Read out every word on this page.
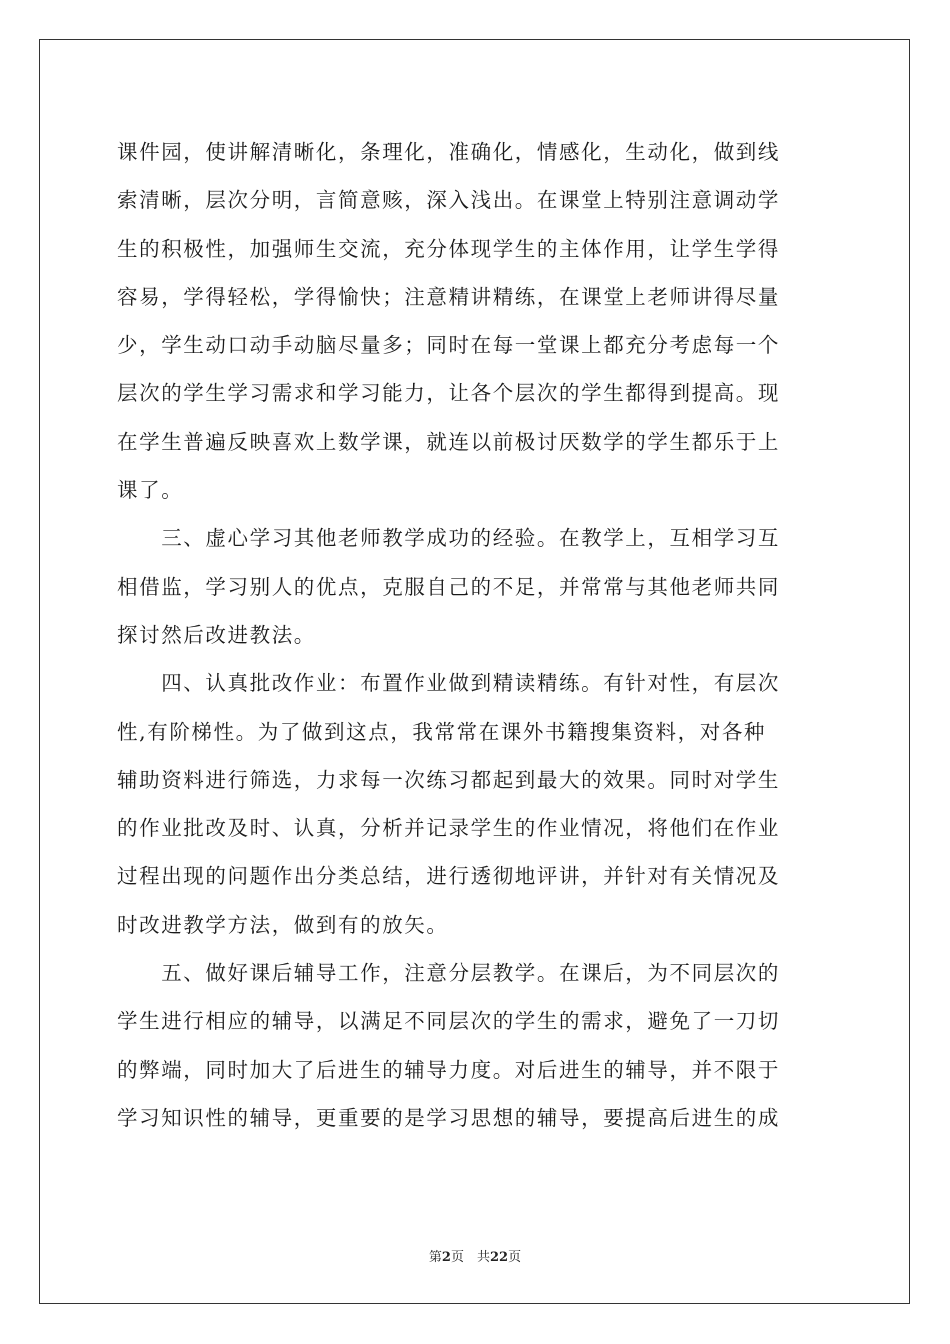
课件园，使讲解清晰化，条理化，准确化，情感化，生动化，做到线
索清晰，层次分明，言简意赅，深入浅出。在课堂上特别注意调动学
生的积极性，加强师生交流，充分体现学生的主体作用，让学生学得
容易，学得轻松，学得愉快；注意精讲精练，在课堂上老师讲得尽量
少，学生动口动手动脑尽量多；同时在每一堂课上都充分考虑每一个
层次的学生学习需求和学习能力，让各个层次的学生都得到提高。现
在学生普遍反映喜欢上数学课，就连以前极讨厌数学的学生都乐于上
课了。
　　三、虚心学习其他老师教学成功的经验。在教学上，互相学习互
相借监，学习别人的优点，克服自己的不足，并常常与其他老师共同
探讨然后改进教法。
　　四、认真批改作业：布置作业做到精读精练。有针对性，有层次
性,有阶梯性。为了做到这点，我常常在课外书籍搜集资料，对各种
辅助资料进行筛选，力求每一次练习都起到最大的效果。同时对学生
的作业批改及时、认真，分析并记录学生的作业情况，将他们在作业
过程出现的问题作出分类总结，进行透彻地评讲，并针对有关情况及
时改进教学方法，做到有的放矢。
　　五、做好课后辅导工作，注意分层教学。在课后，为不同层次的
学生进行相应的辅导，以满足不同层次的学生的需求，避免了一刀切
的弊端，同时加大了后进生的辅导力度。对后进生的辅导，并不限于
学习知识性的辅导，更重要的是学习思想的辅导，要提高后进生的成
第2页　共22页
